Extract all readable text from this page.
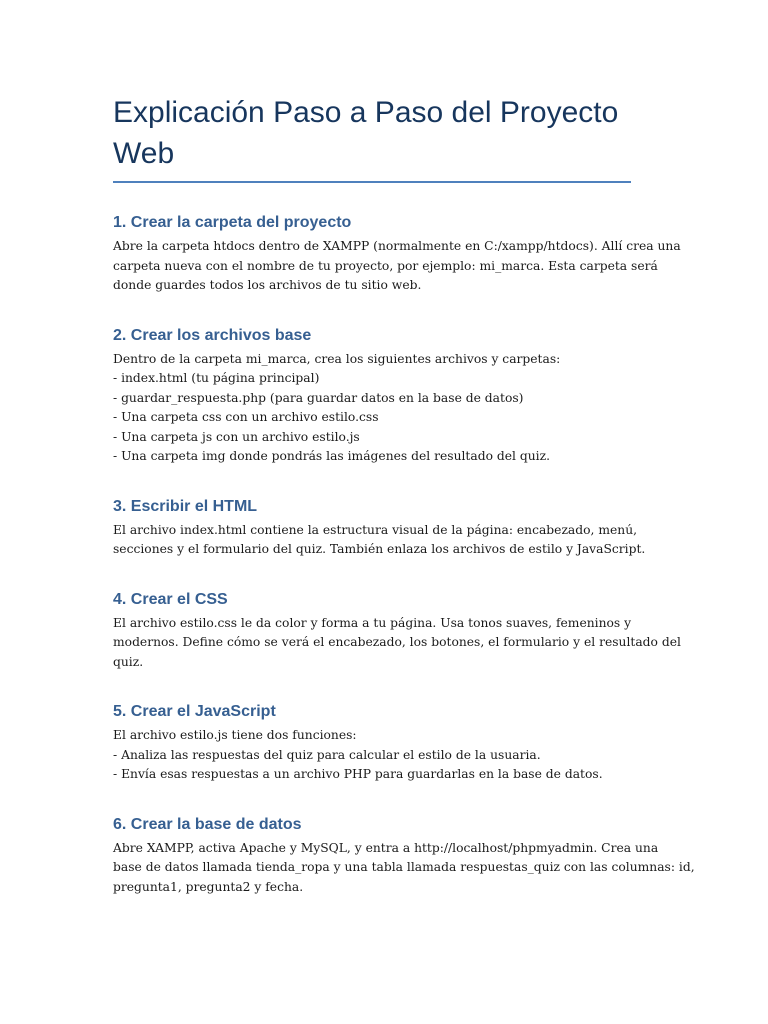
Explicación Paso a Paso del Proyecto Web
1. Crear la carpeta del proyecto

Abre la carpeta htdocs dentro de XAMPP (normalmente en C:/xampp/htdocs). Allí crea una
carpeta nueva con el nombre de tu proyecto, por ejemplo: mi_marca. Esta carpeta será
donde guardes todos los archivos de tu sitio web.

2. Crear los archivos base

Dentro de la carpeta mi_marca, crea los siguientes archivos y carpetas:
- index.html (tu página principal)
- guardar_respuesta.php (para guardar datos en la base de datos)
- Una carpeta css con un archivo estilo.css
- Una carpeta js con un archivo estilo.js
- Una carpeta img donde pondrás las imágenes del resultado del quiz.

3. Escribir el HTML

El archivo index.html contiene la estructura visual de la página: encabezado, menú,
secciones y el formulario del quiz. También enlaza los archivos de estilo y JavaScript.

4. Crear el CSS

El archivo estilo.css le da color y forma a tu página. Usa tonos suaves, femeninos y
modernos. Define cómo se verá el encabezado, los botones, el formulario y el resultado del
quiz.

5. Crear el JavaScript

El archivo estilo.js tiene dos funciones:
- Analiza las respuestas del quiz para calcular el estilo de la usuaria.
- Envía esas respuestas a un archivo PHP para guardarlas en la base de datos.

6. Crear la base de datos

Abre XAMPP, activa Apache y MySQL, y entra a http://localhost/phpmyadmin. Crea una
base de datos llamada tienda_ropa y una tabla llamada respuestas_quiz con las columnas: id,
pregunta1, pregunta2 y fecha.
